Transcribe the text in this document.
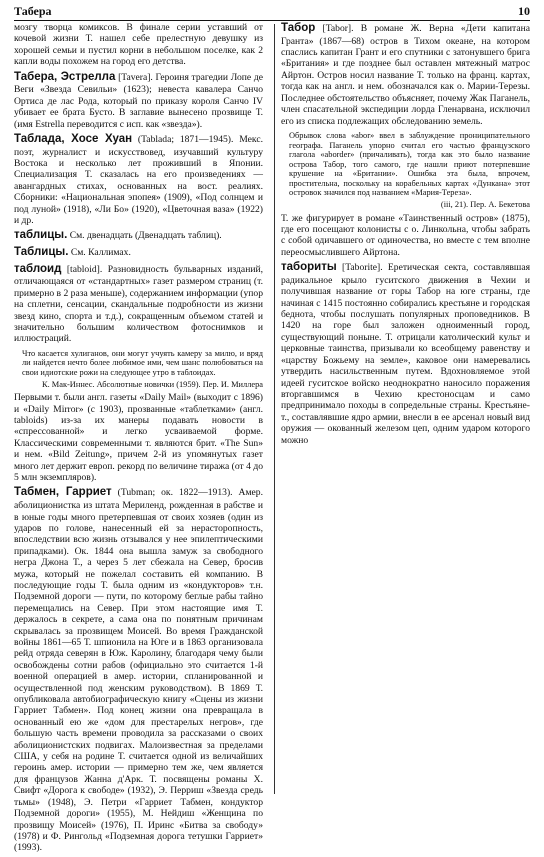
Табера	10

мозгу творца комиксов. В финале серии уставший от кочевой жизни Т. нашел себе прелестную девушку из хорошей семьи и пустил корни в небольшом поселке, как 2 капли воды похожем на город его детства.

Табера, Эстрелла [Tavera]. Героиня трагедии Лопе де Веги «Звезда Севильи» (1623); невеста кавалера Санчо Ортиса де лас Рода, который по приказу короля Санчо IV убивает ее брата Бусто. В заглавие вынесено прозвище Т. (имя Estrella переводится с исп. как «звезда»).

Таблада, Хосе Хуан (Tablada; 1871—1945). Мекс. поэт, журналист и искусствовед, изучавший культуру Востока и несколько лет проживший в Японии. Специализация Т. сказалась на его произведениях — авангардных стихах, основанных на вост. реалиях. Сборники: «Национальная эпопея» (1909), «Под солнцем и под луной» (1918), «Ли Бо» (1920), «Цветочная ваза» (1922) и др.

таблицы. См. двенадцать (Двенадцать таблиц).

Таблицы. См. Каллимах.

таблоид [tabloid]. Разновидность бульварных изданий, отличающаяся от «стандартных» газет размером страниц (т. примерно в 2 раза меньше), содержанием информации (упор на сплетни, сенсации, скандальные подробности из жизни звезд кино, спорта и т.д.), сокращенным объемом статей и значительно большим количеством фотоснимков и иллюстраций.

Что касается хулиганов, они могут учуять камеру за милю, и вряд ли найдется нечто более любимое ими, чем шанс полюбоваться на свои идиотские рожи на следующее утро в таблоидах.

К. Мак-Иннес. Абсолютные новички (1959). Пер. И. Миллера

Первыми т. были англ. газеты «Daily Mail» (выходит с 1896) и «Daily Mirror» (с 1903), прозванные «таблетками» (англ. tabloids) из-за их манеры подавать новости в «спрессованной» и легко усваиваемой форме. Классическими современными т. являются брит. «The Sun» и нем. «Bild Zeitung», причем 2-й из упомянутых газет много лет держит европ. рекорд по величине тиража (от 4 до 5 млн экземпляров).

Табмен, Гарриет (Tubman; ок. 1822—1913). Амер. аболиционистка из штата Мериленд, рожденная в рабстве и в юные годы много претерпевшая от своих хозяев (один из ударов по голове, нанесенный ей за нерасторопность, впоследствии всю жизнь отзывался у нее эпилептическими припадками). Ок. 1844 она вышла замуж за свободного негра Джона Т., а через 5 лет сбежала на Север, бросив мужа, который не пожелал составить ей компанию. В последующие годы Т. была одним из «кондукторов» т.н. Подземной дороги — пути, по которому беглые рабы тайно перемещались на Север. При этом настоящие имя Т. держалось в секрете, а сама она по понятным причинам скрывалась за прозвищем Моисей. Во время Гражданской войны 1861—65 Т. шпионила на Юге и в 1863 организовала рейд отряда северян в Юж. Каролину, благодаря чему были освобождены сотни рабов (официально это считается 1-й военной операцией в амер. истории, спланированной и осуществленной под женским руководством). В 1869 Т. опубликовала автобиографическую книгу «Сцены из жизни Гарриет Табмен». Под конец жизни она превращала в основанный ею же «дом для престарелых негров», где большую часть времени проводила за рассказами о своих аболиционистских подвигах. Малоизвестная за пределами США, у себя на родине Т. считается одной из величайших героинь амер. истории — примерно тем же, чем является для французов Жанна д'Арк. Т. посвящены романы Х. Свифт «Дорога к свободе» (1932), Э. Перриш «Звезда средь тьмы» (1948), Э. Петри «Гарриет Табмен, кондуктор Подземной дороги» (1955), М. Нейдиш «Женщина по прозвищу Моисей» (1976), П. Иринс «Битва за свободу» (1978) и Ф. Рингольд «Подземная дорога тетушки Гарриет» (1993).

Табор [Tabor]. В романе Ж. Верна «Дети капитана Гранта» (1867—68) остров в Тихом океане, на котором спаслись капитан Грант и его спутники с затонувшего брига «Британия» и где позднее был оставлен мятежный матрос Айртон. Остров носил название Т. только на франц. картах, тогда как на англ. и нем. обозначался как о. Марии-Терезы. Последнее обстоятельство объясняет, почему Жак Паганель, член спасательной экспедиции лорда Гленарвана, исключил его из списка подлежащих обследованию земель.

Обрывок слова «abor» ввел в заблуждение прониципательного географа. Паганель упорно считал его частью французского глагола «aborder» (причаливать), тогда как это было название острова Табор, того самого, где нашли приют потерпевшие крушение на «Британии». Ошибка эта была, впрочем, простительна, поскольку на корабельных картах «Дункана» этот островок значился под названием «Мария-Тереза».

(iii, 21). Пер. А. Бекетова

Т. же фигурирует в романе «Таинственный остров» (1875), где его посещают колонисты с о. Линкольна, чтобы забрать с собой одичавшего от одиночества, но вместе с тем вполне переосмыслившего Айртона.

табориты [Taborite]. Еретическая секта, составлявшая радикальное крыло гуситского движения в Чехии и получившая название от горы Табор на юге страны, где начиная с 1415 постоянно собирались крестьяне и городская беднота, чтобы послушать популярных проповедников. В 1420 на горе был заложен одноименный город, существующий поныне. Т. отрицали католический культ и церковные таинства, призывали ко всеобщему равенству и «царству Божьему на земле», каковое они намеревались утвердить насильственным путем. Вдохновляемое этой идеей гуситское войско неоднократно наносило поражения вторгавшимся в Чехию крестоносцам и само предпринимало походы в сопредельные страны. Крестьяне-т., составлявшие ядро армии, внесли в ее арсенал новый вид оружия — окованный железом цеп, одним ударом которого можно
